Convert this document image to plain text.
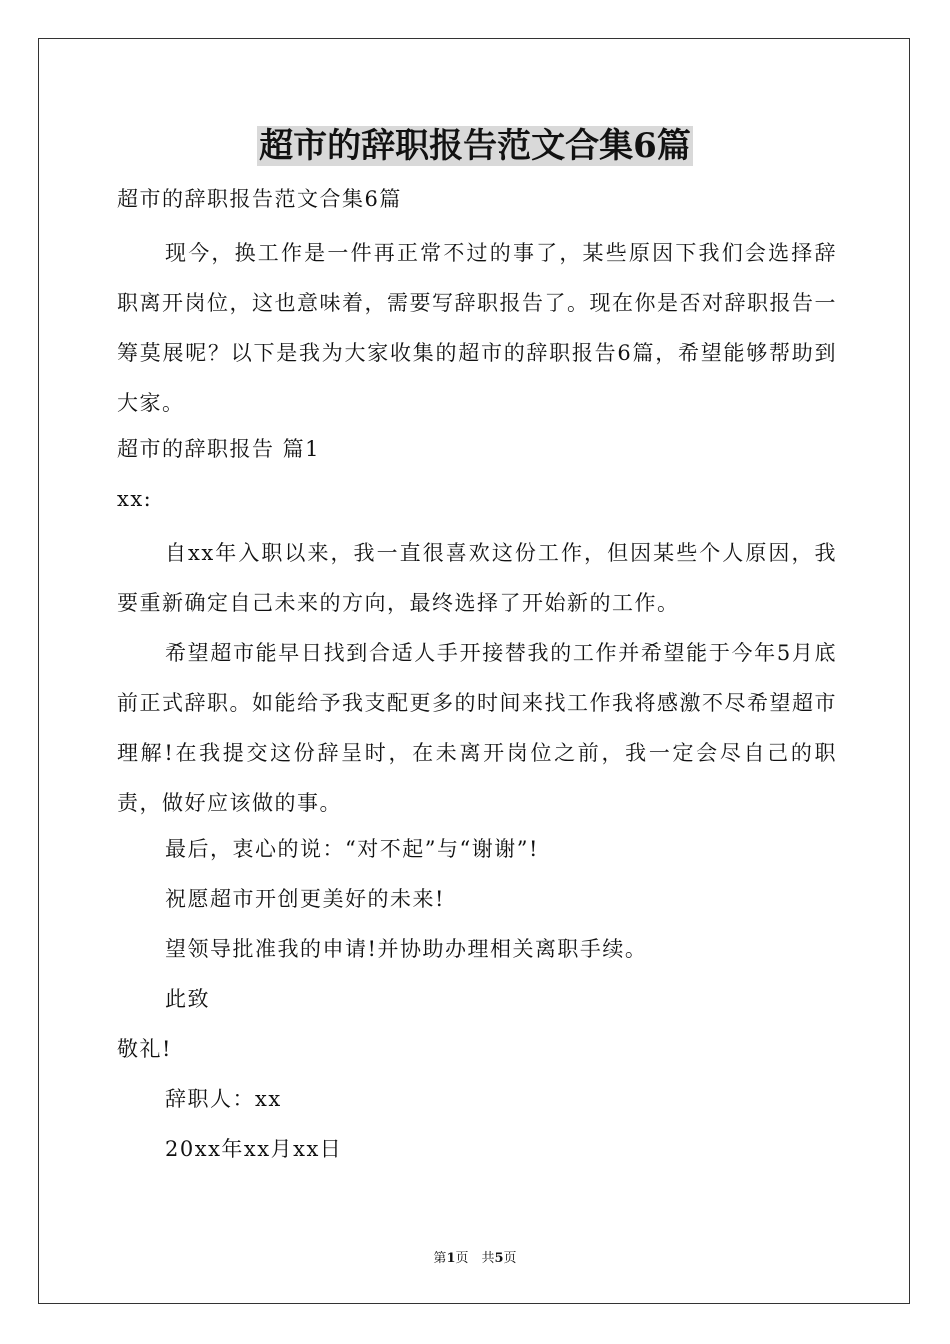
超市的辞职报告范文合集6篇
超市的辞职报告范文合集6篇
现今，换工作是一件再正常不过的事了，某些原因下我们会选择辞职离开岗位，这也意味着，需要写辞职报告了。现在你是否对辞职报告一筹莫展呢？以下是我为大家收集的超市的辞职报告6篇，希望能够帮助到大家。
超市的辞职报告 篇1
xx:
自xx年入职以来，我一直很喜欢这份工作，但因某些个人原因，我要重新确定自己未来的方向，最终选择了开始新的工作。
希望超市能早日找到合适人手开接替我的工作并希望能于今年5月底前正式辞职。如能给予我支配更多的时间来找工作我将感激不尽希望超市理解!在我提交这份辞呈时，在未离开岗位之前，我一定会尽自己的职责，做好应该做的事。
最后，衷心的说：“对不起”与“谢谢”!
祝愿超市开创更美好的未来!
望领导批准我的申请!并协助办理相关离职手续。
此致
敬礼!
辞职人：xx
20xx年xx月xx日
第1页　共5页
